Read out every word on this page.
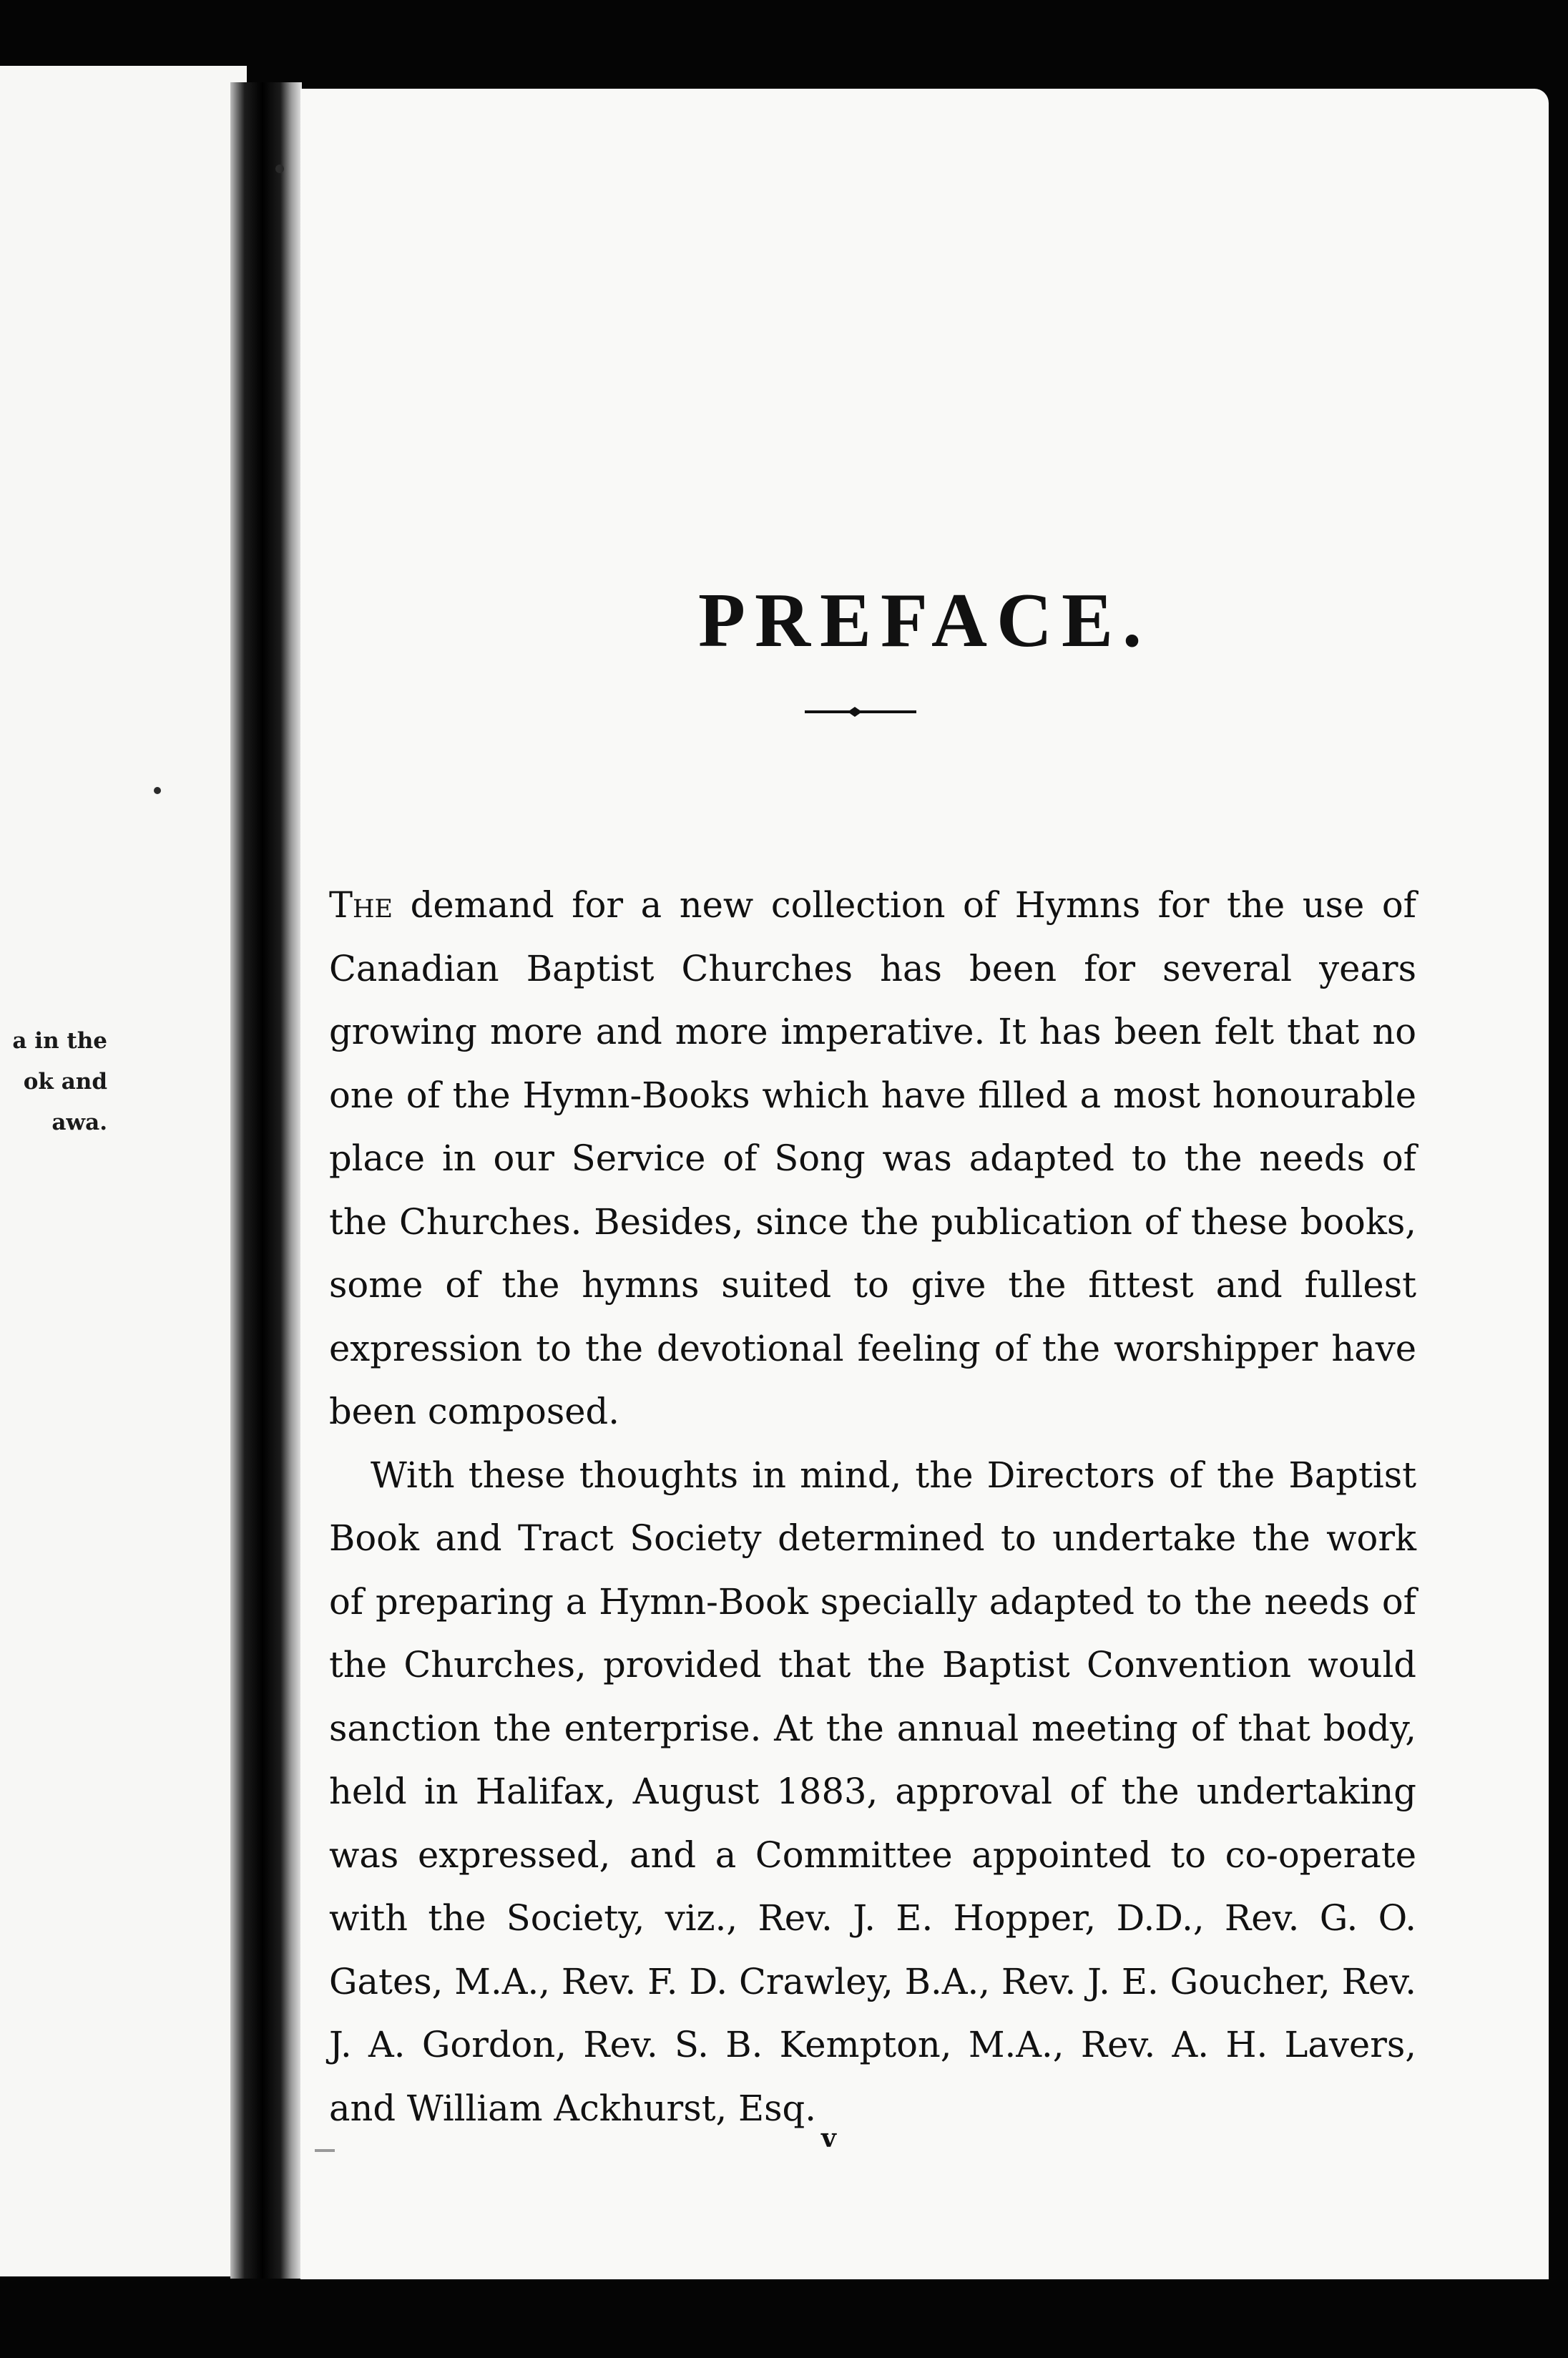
a in the
ok and
awa.
PREFACE.

The demand for a new collection of Hymns for the use of Canadian Baptist Churches has been for several years growing more and more imperative. It has been felt that no one of the Hymn-Books which have filled a most honourable place in our Service of Song was adapted to the needs of the Churches. Besides, since the publication of these books, some of the hymns suited to give the fittest and fullest expression to the devotional feeling of the worshipper have been composed.

With these thoughts in mind, the Directors of the Baptist Book and Tract Society determined to undertake the work of preparing a Hymn-Book specially adapted to the needs of the Churches, provided that the Baptist Convention would sanction the enterprise. At the annual meeting of that body, held in Halifax, August 1883, approval of the undertaking was expressed, and a Committee appointed to co-operate with the Society, viz., Rev. J. E. Hopper, D.D., Rev. G. O. Gates, M.A., Rev. F. D. Crawley, B.A., Rev. J. E. Goucher, Rev. J. A. Gordon, Rev. S. B. Kempton, M.A., Rev. A. H. Lavers, and William Ackhurst, Esq.

v
